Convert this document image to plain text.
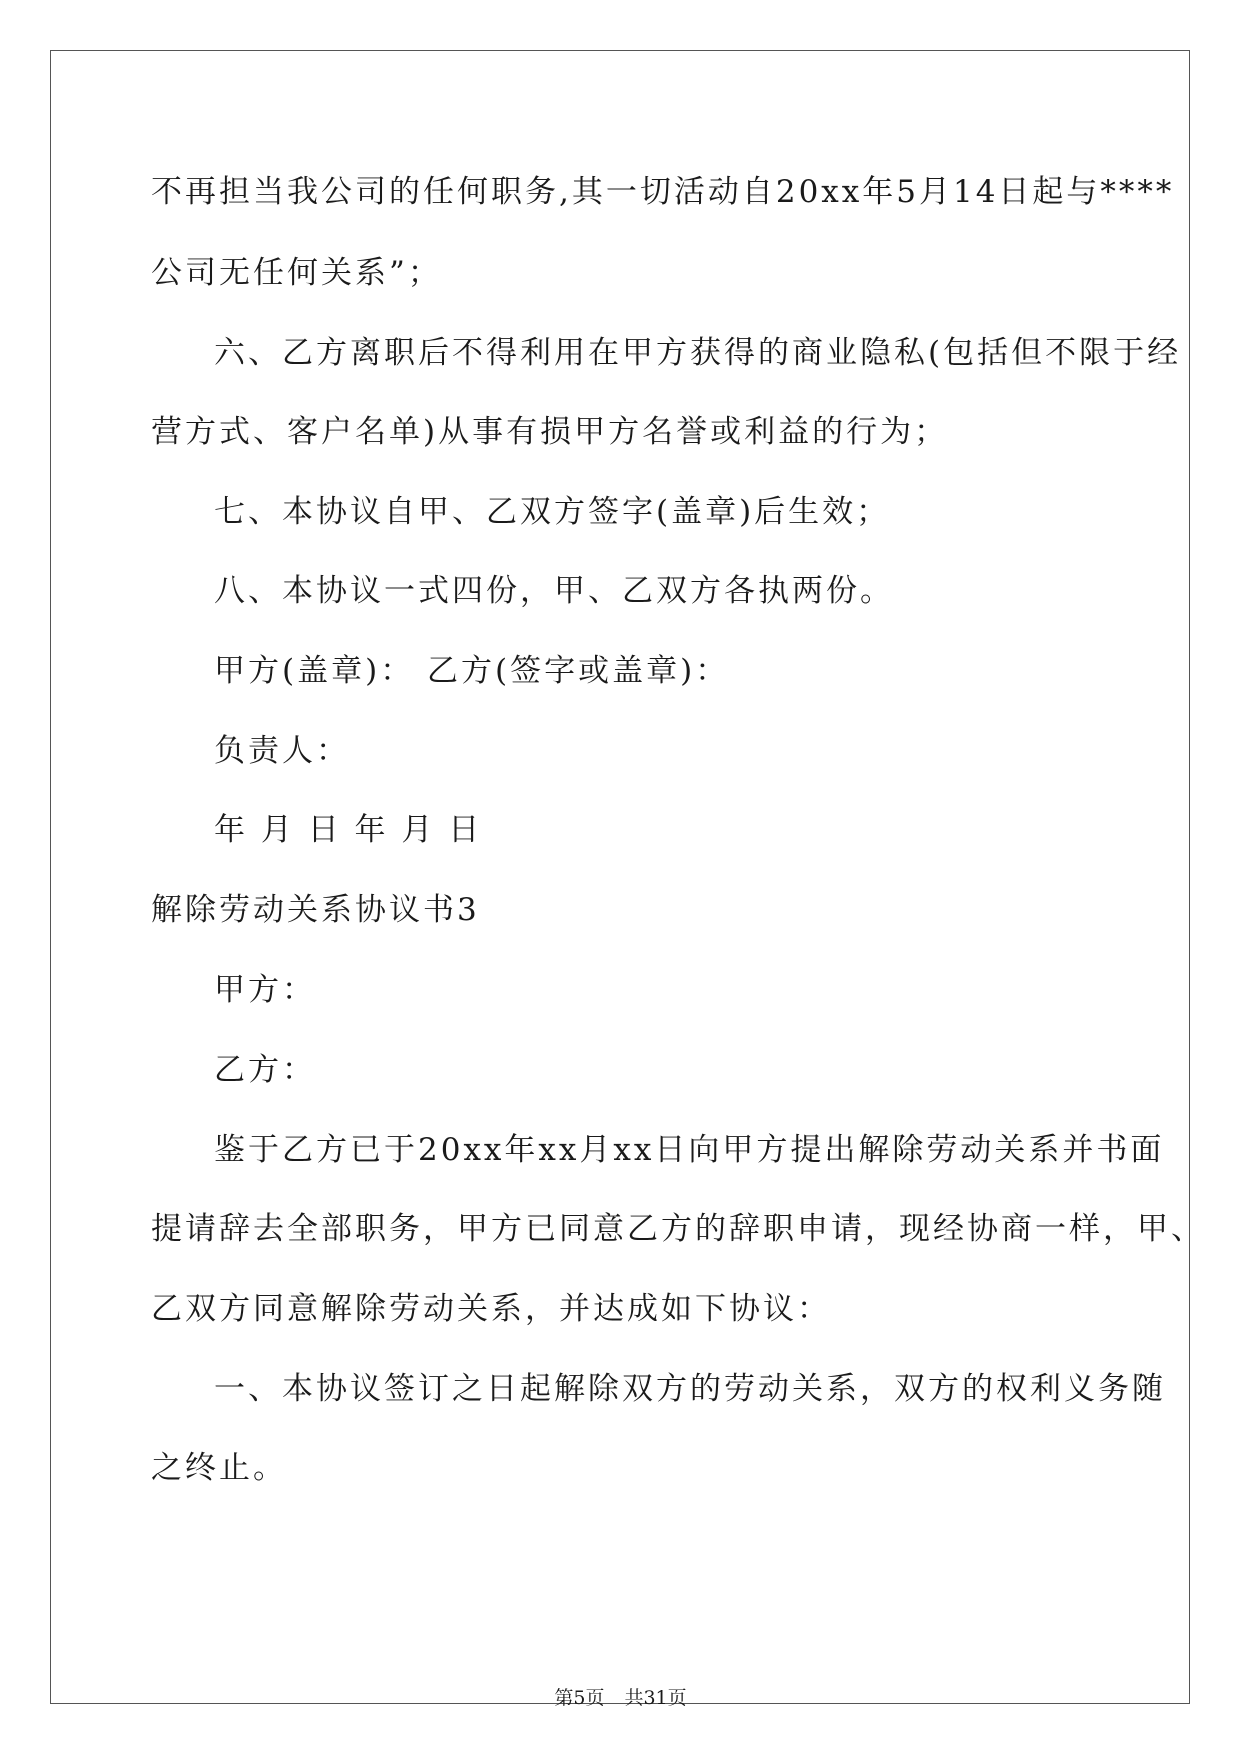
不再担当我公司的任何职务,其一切活动自20xx年5月14日起与****
公司无任何关系”；
六、乙方离职后不得利用在甲方获得的商业隐私(包括但不限于经
营方式、客户名单)从事有损甲方名誉或利益的行为；
七、本协议自甲、乙双方签字(盖章)后生效；
八、本协议一式四份，甲、乙双方各执两份。
甲方(盖章)： 乙方(签字或盖章)：
负责人：
年 月 日 年 月 日
解除劳动关系协议书3
甲方：
乙方：
鉴于乙方已于20xx年xx月xx日向甲方提出解除劳动关系并书面
提请辞去全部职务，甲方已同意乙方的辞职申请，现经协商一样，甲、
乙双方同意解除劳动关系，并达成如下协议：
一、本协议签订之日起解除双方的劳动关系，双方的权利义务随
之终止。
第5页 共31页
